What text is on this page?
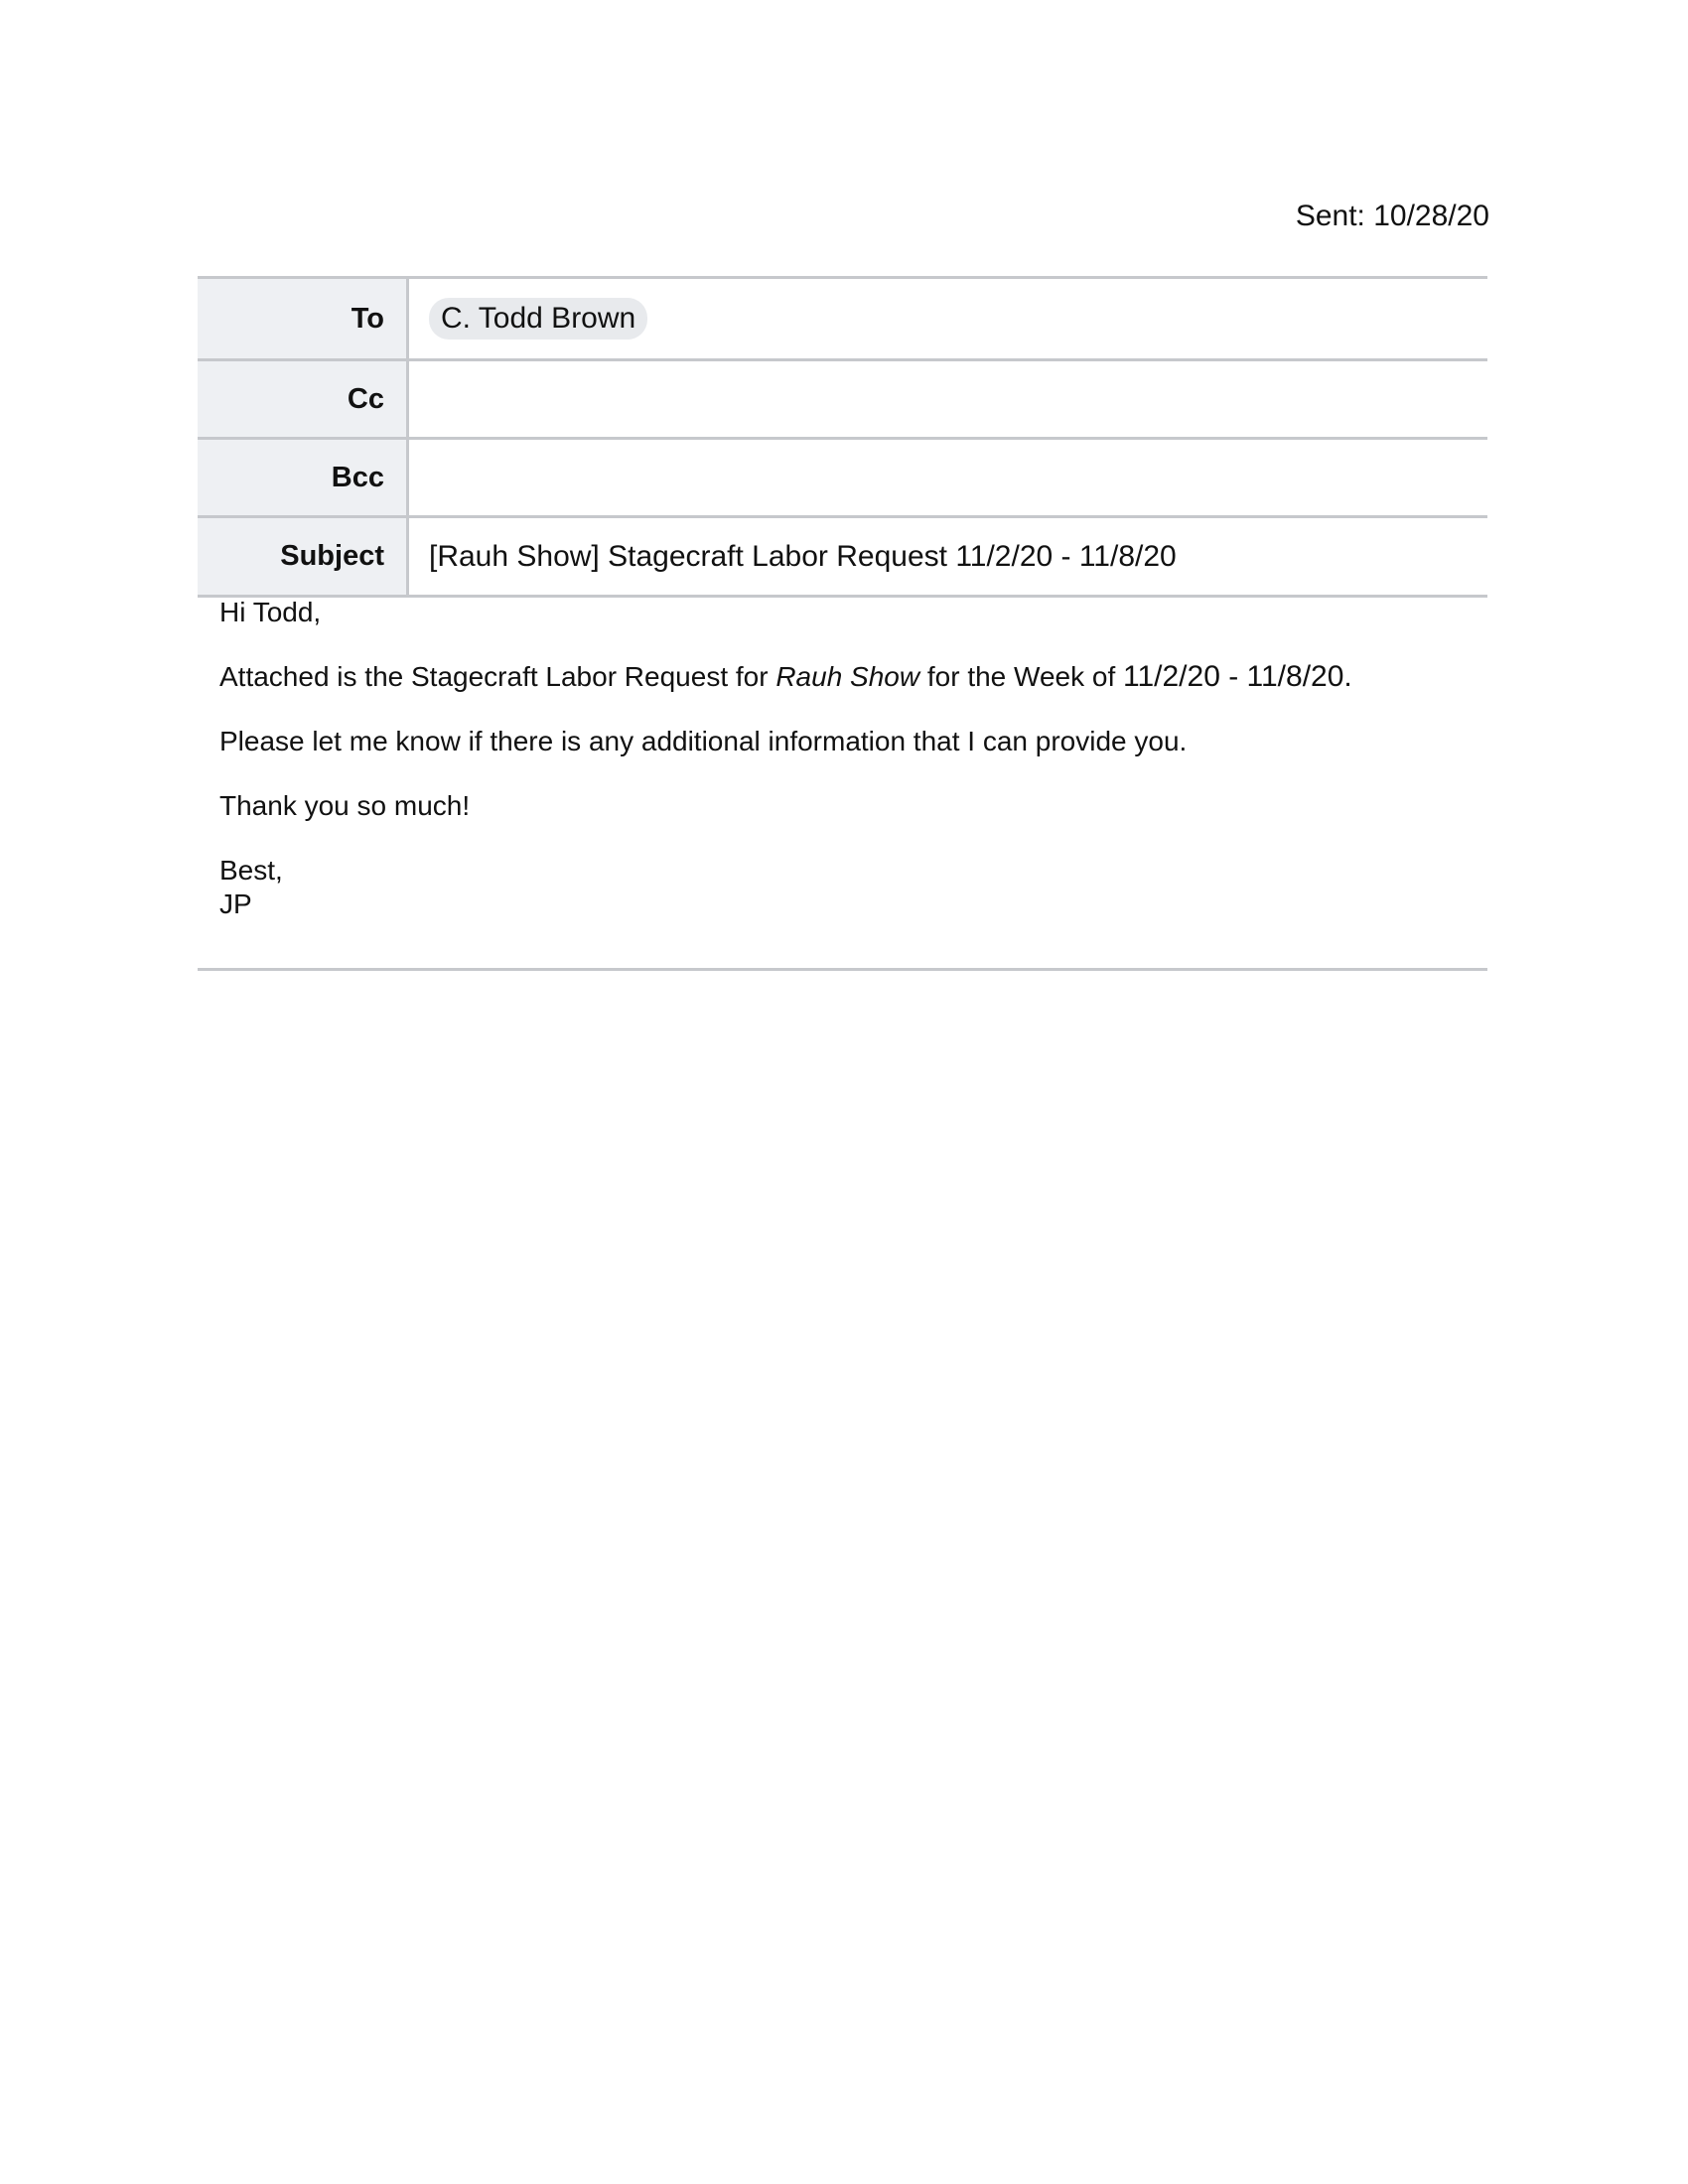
Sent: 10/28/20
To	C. Todd Brown
Cc	
Bcc	
Subject	[Rauh Show] Stagecraft Labor Request 11/2/20 - 11/8/20

Hi Todd,

Attached is the Stagecraft Labor Request for Rauh Show for the Week of 11/2/20 - 11/8/20.

Please let me know if there is any additional information that I can provide you.

Thank you so much!

Best,
JP
